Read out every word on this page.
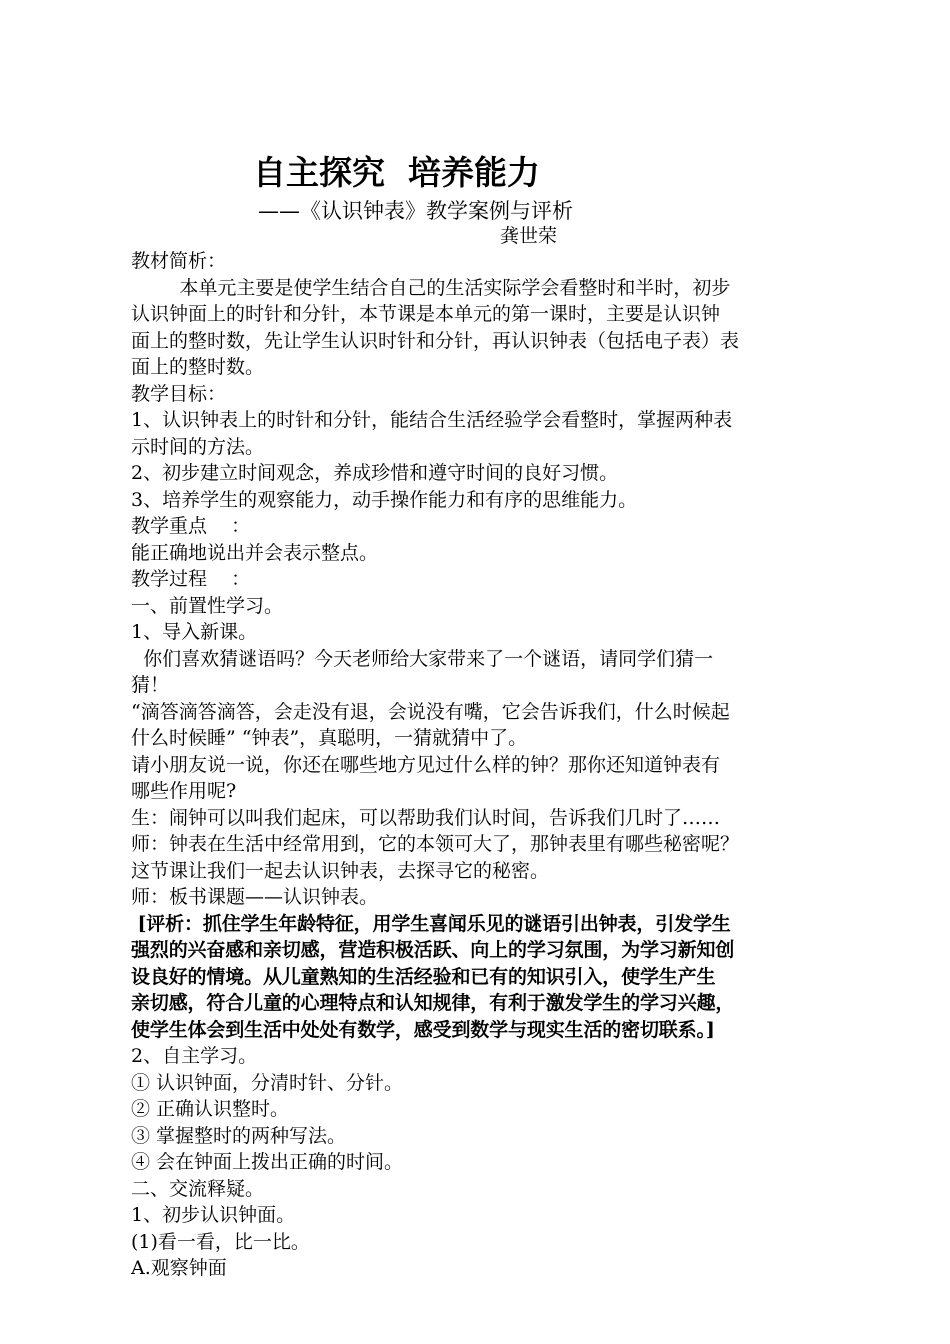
自主探究  培养能力
——《认识钟表》教学案例与评析
龚世荣
教材简析：
本单元主要是使学生结合自己的生活实际学会看整时和半时，初步
认识钟面上的时针和分针，本节课是本单元的第一课时，主要是认识钟
面上的整时数，先让学生认识时针和分针，再认识钟表（包括电子表）表
面上的整时数。
教学目标：
1、认识钟表上的时针和分针，能结合生活经验学会看整时，掌握两种表
示时间的方法。
2、初步建立时间观念，养成珍惜和遵守时间的良好习惯。
3、培养学生的观察能力，动手操作能力和有序的思维能力。
教学重点    ：
能正确地说出并会表示整点。
教学过程    ：
一、前置性学习。
1、导入新课。
你们喜欢猜谜语吗？今天老师给大家带来了一个谜语，请同学们猜一
猜！
“滴答滴答滴答，会走没有退，会说没有嘴，它会告诉我们，什么时候起
什么时候睡” “钟表”，真聪明，一猜就猜中了。
请小朋友说一说，你还在哪些地方见过什么样的钟？那你还知道钟表有
哪些作用呢?
生：闹钟可以叫我们起床，可以帮助我们认时间，告诉我们几时了……
师：钟表在生活中经常用到，它的本领可大了，那钟表里有哪些秘密呢？
这节课让我们一起去认识钟表，去探寻它的秘密。
师：板书课题——认识钟表。
[评析：抓住学生年龄特征，用学生喜闻乐见的谜语引出钟表，引发学生
强烈的兴奋感和亲切感，营造积极活跃、向上的学习氛围，为学习新知创
设良好的情境。从儿童熟知的生活经验和已有的知识引入，使学生产生
亲切感，符合儿童的心理特点和认知规律，有利于激发学生的学习兴趣，
使学生体会到生活中处处有数学，感受到数学与现实生活的密切联系。]
2、自主学习。
① 认识钟面，分清时针、分针。
② 正确认识整时。
③ 掌握整时的两种写法。
④ 会在钟面上拨出正确的时间。
二、交流释疑。
1、初步认识钟面。
(1)看一看，比一比。
A.观察钟面
